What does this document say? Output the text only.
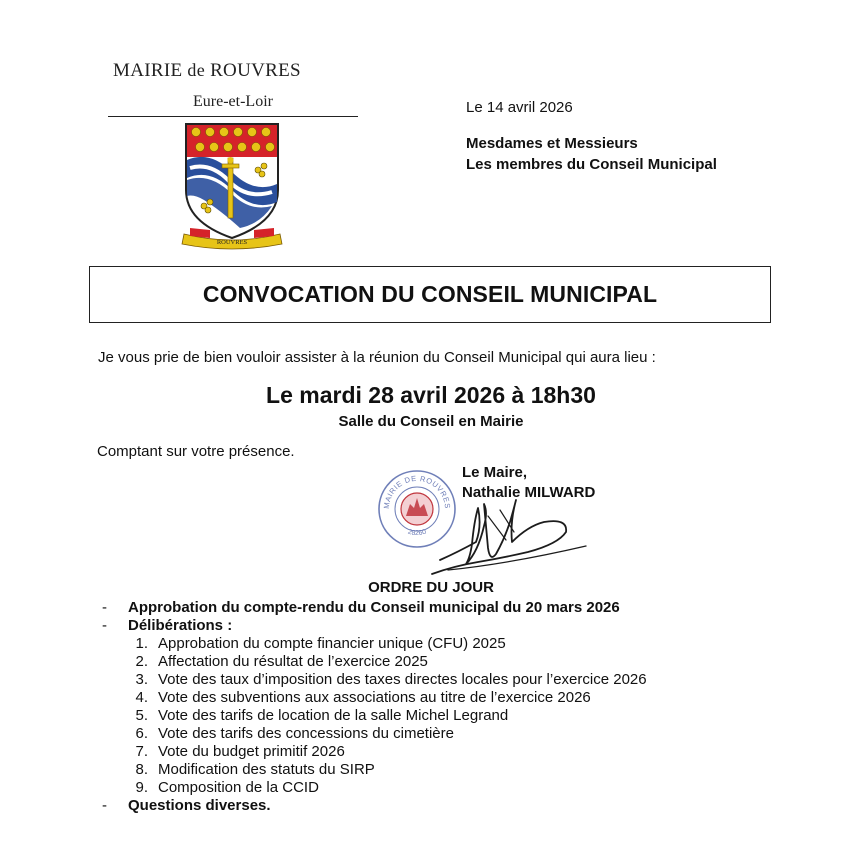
MAIRIE de ROUVRES
Eure-et-Loir
ROUVRES
Le 14 avril 2026
Mesdames et Messieurs
Les membres du Conseil Municipal
CONVOCATION DU CONSEIL MUNICIPAL
Je vous prie de bien vouloir assister à la réunion du Conseil Municipal qui aura lieu :
Le mardi 28 avril 2026 à 18h30
Salle du Conseil en Mairie
Comptant sur votre présence.
MAIRIE DE ROUVRES
28260
Le Maire,
Nathalie MILWARD
ORDRE DU JOUR
- Approbation du compte-rendu du Conseil municipal du 20 mars 2026
- Délibérations :
1. Approbation du compte financier unique (CFU) 2025
2. Affectation du résultat de l’exercice 2025
3. Vote des taux d’imposition des taxes directes locales pour l’exercice 2026
4. Vote des subventions aux associations au titre de l’exercice 2026
5. Vote des tarifs de location de la salle Michel Legrand
6. Vote des tarifs des concessions du cimetière
7. Vote du budget primitif 2026
8. Modification des statuts du SIRP
9. Composition de la CCID
- Questions diverses.
